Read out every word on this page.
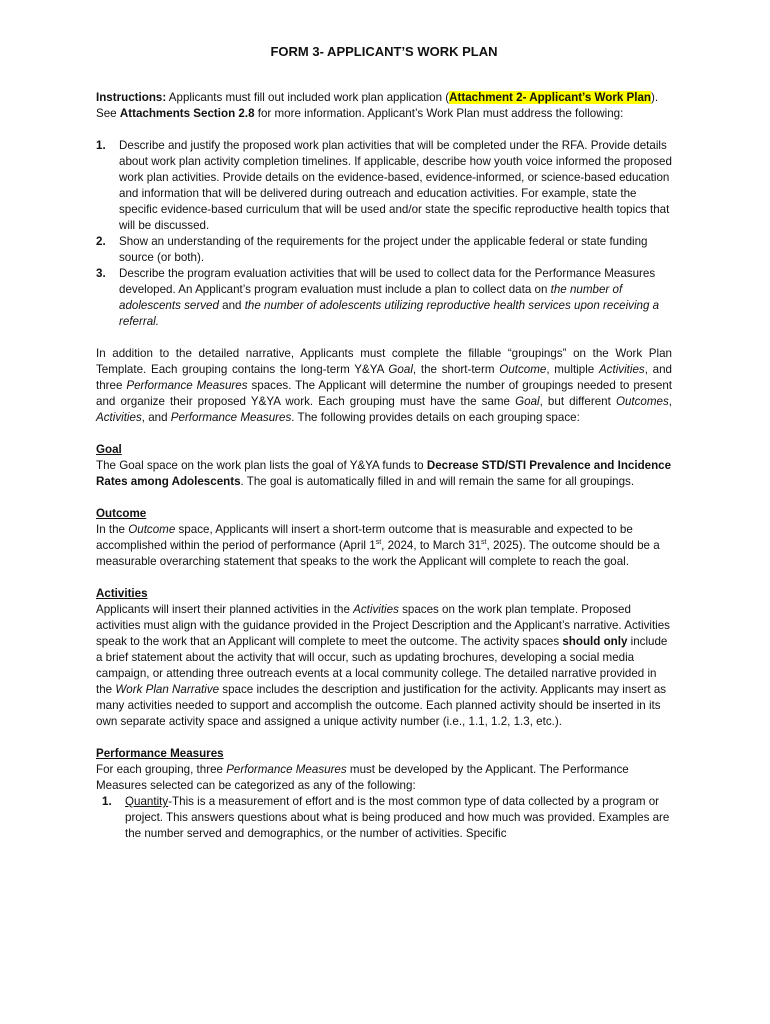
FORM 3- APPLICANT’S WORK PLAN

Instructions: Applicants must fill out included work plan application (Attachment 2- Applicant’s Work Plan). See Attachments Section 2.8 for more information. Applicant’s Work Plan must address the following:

1. Describe and justify the proposed work plan activities that will be completed under the RFA. Provide details about work plan activity completion timelines. If applicable, describe how youth voice informed the proposed work plan activities. Provide details on the evidence-based, evidence-informed, or science-based education and information that will be delivered during outreach and education activities. For example, state the specific evidence-based curriculum that will be used and/or state the specific reproductive health topics that will be discussed.
2. Show an understanding of the requirements for the project under the applicable federal or state funding source (or both).
3. Describe the program evaluation activities that will be used to collect data for the Performance Measures developed. An Applicant’s program evaluation must include a plan to collect data on the number of adolescents served and the number of adolescents utilizing reproductive health services upon receiving a referral.

In addition to the detailed narrative, Applicants must complete the fillable “groupings” on the Work Plan Template. Each grouping contains the long-term Y&YA Goal, the short-term Outcome, multiple Activities, and three Performance Measures spaces. The Applicant will determine the number of groupings needed to present and organize their proposed Y&YA work. Each grouping must have the same Goal, but different Outcomes, Activities, and Performance Measures. The following provides details on each grouping space:

Goal

The Goal space on the work plan lists the goal of Y&YA funds to Decrease STD/STI Prevalence and Incidence Rates among Adolescents. The goal is automatically filled in and will remain the same for all groupings.

Outcome

In the Outcome space, Applicants will insert a short-term outcome that is measurable and expected to be accomplished within the period of performance (April 1st, 2024, to March 31st, 2025). The outcome should be a measurable overarching statement that speaks to the work the Applicant will complete to reach the goal.

Activities

Applicants will insert their planned activities in the Activities spaces on the work plan template. Proposed activities must align with the guidance provided in the Project Description and the Applicant’s narrative. Activities speak to the work that an Applicant will complete to meet the outcome. The activity spaces should only include a brief statement about the activity that will occur, such as updating brochures, developing a social media campaign, or attending three outreach events at a local community college. The detailed narrative provided in the Work Plan Narrative space includes the description and justification for the activity. Applicants may insert as many activities needed to support and accomplish the outcome. Each planned activity should be inserted in its own separate activity space and assigned a unique activity number (i.e., 1.1, 1.2, 1.3, etc.).

Performance Measures

For each grouping, three Performance Measures must be developed by the Applicant. The Performance Measures selected can be categorized as any of the following:

1. Quantity-This is a measurement of effort and is the most common type of data collected by a program or project. This answers questions about what is being produced and how much was provided. Examples are the number served and demographics, or the number of activities. Specific
